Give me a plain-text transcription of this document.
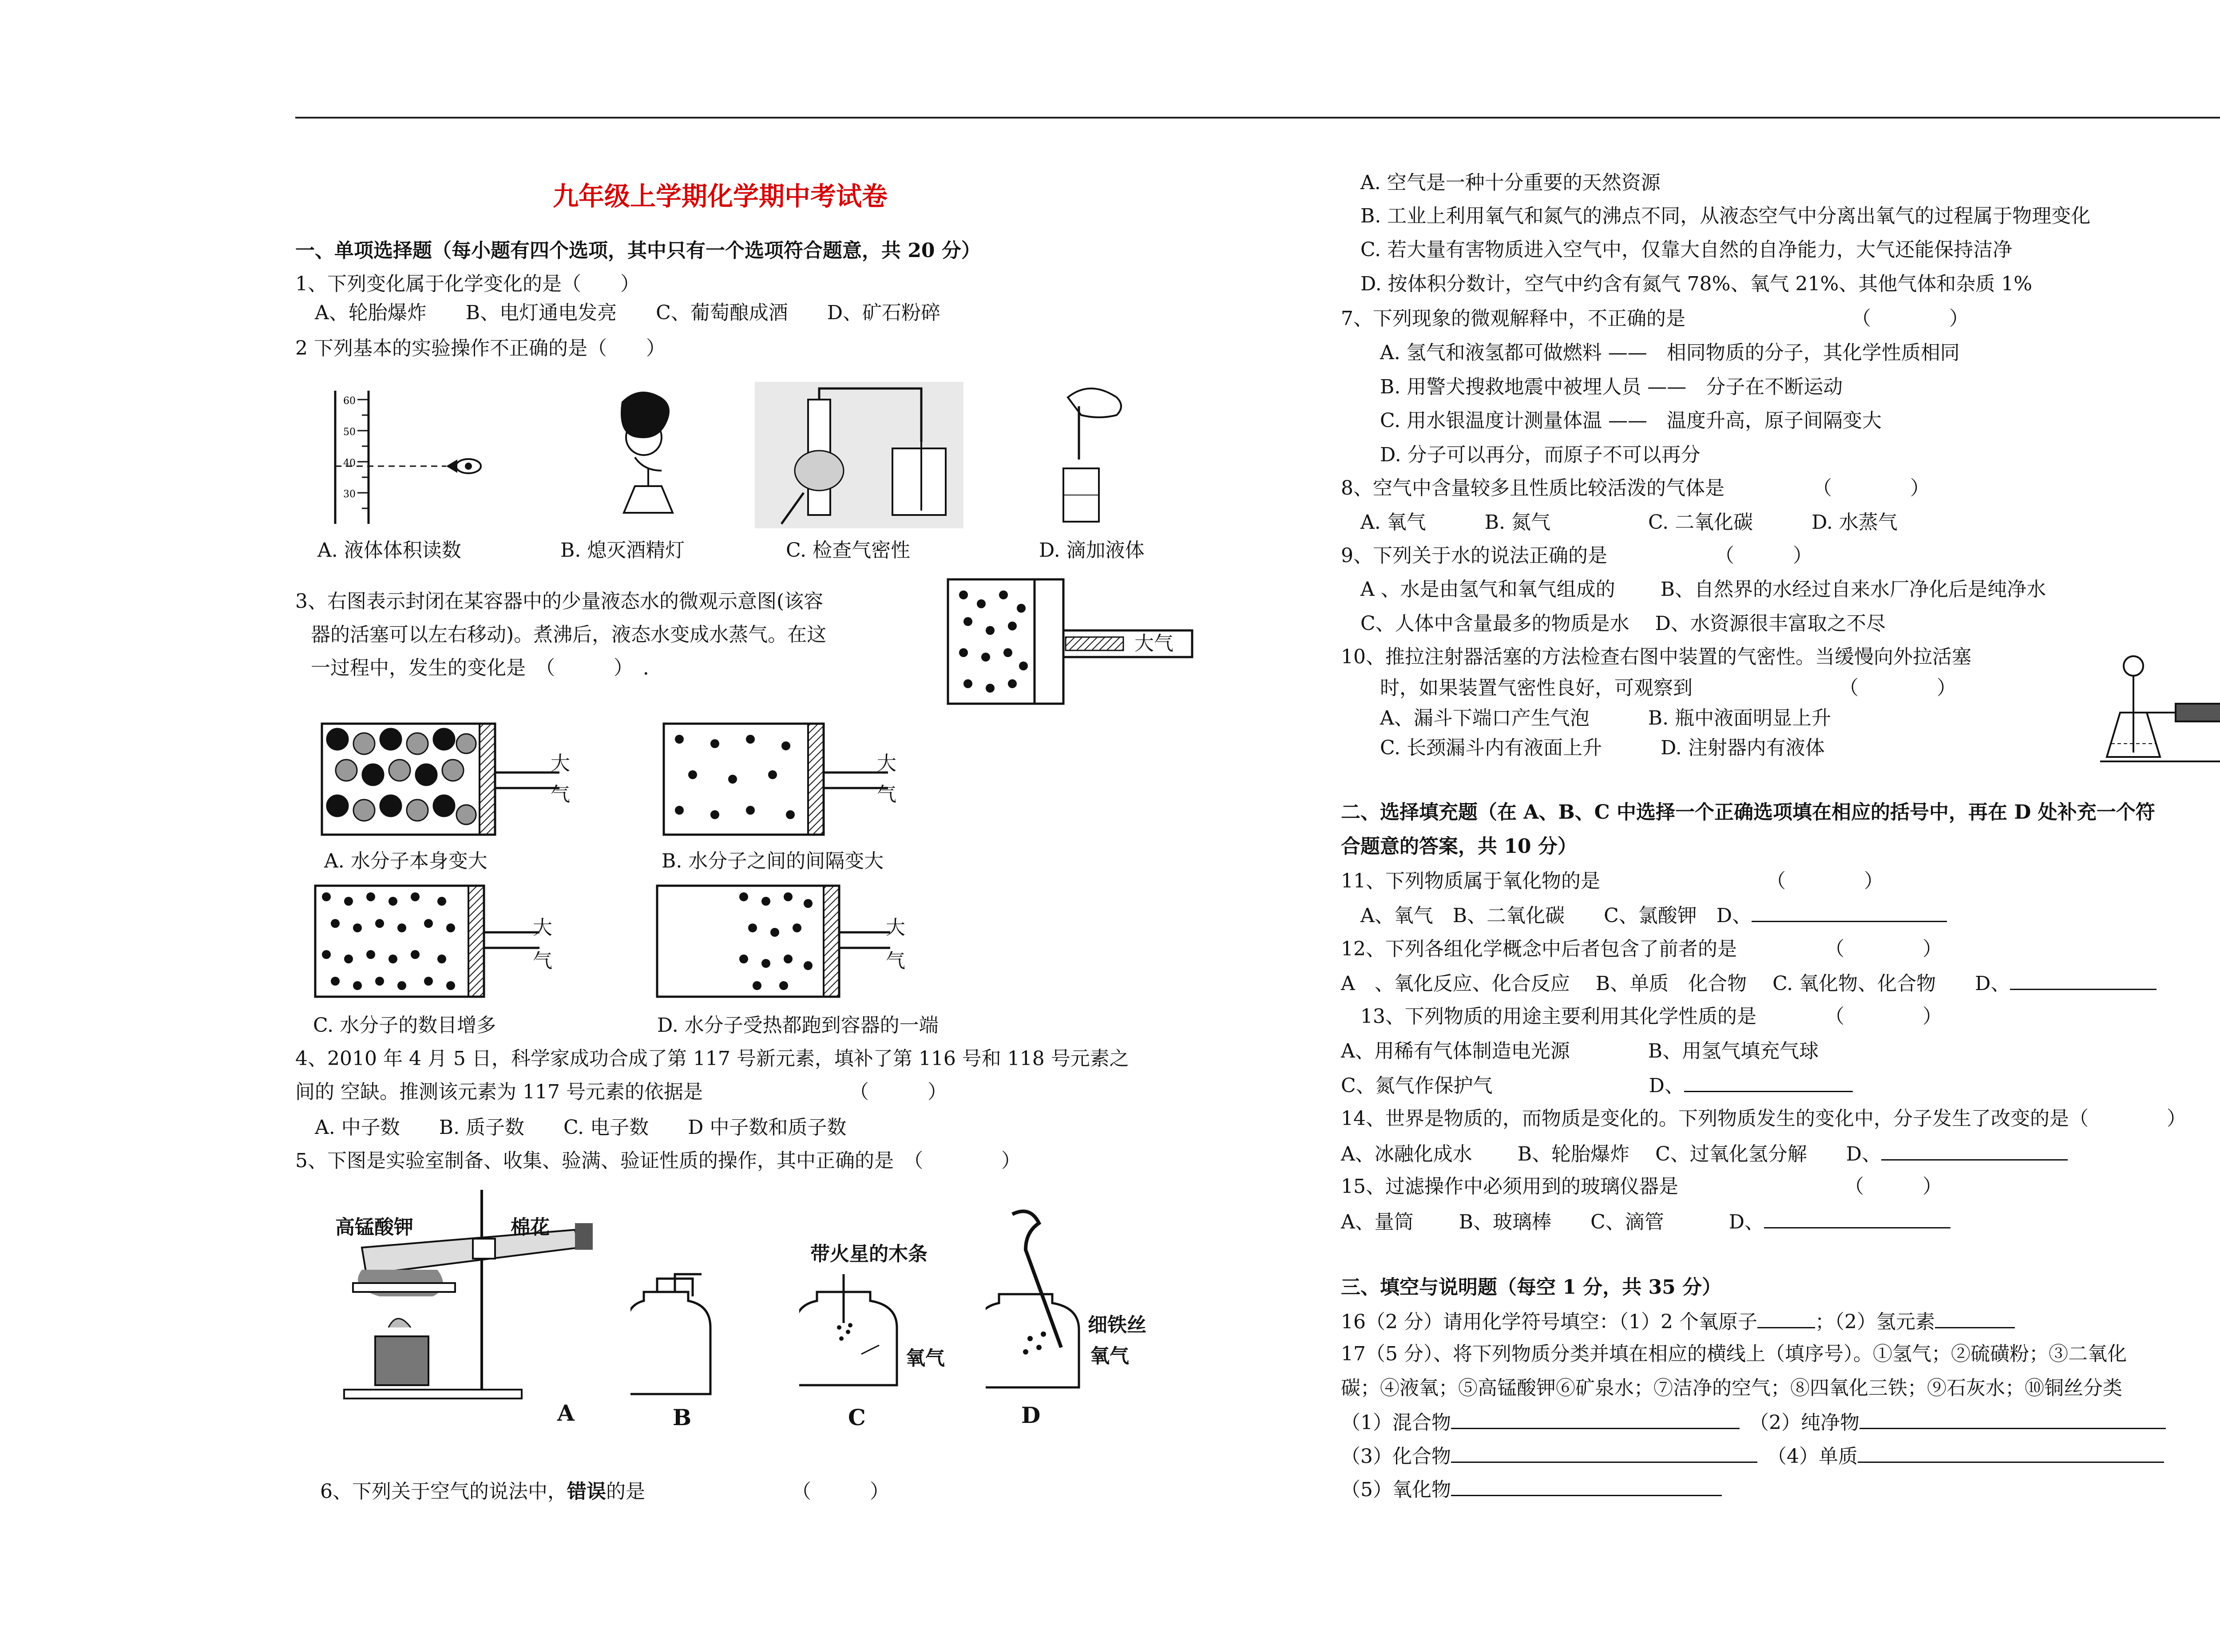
九年级上学期化学期中考试卷
一、单项选择题（每小题有四个选项，其中只有一个选项符合题意，共 20 分）
1、下列变化属于化学变化的是（　　）
　A、轮胎爆炸　　B、电灯通电发亮　　C、葡萄酿成酒　　D、矿石粉碎
2 下列基本的实验操作不正确的是（　　）
60
50
40
30
A. 液体体积读数	B. 熄灭酒精灯	C. 检查气密性	D. 滴加液体
3、右图表示封闭在某容器中的少量液态水的微观示意图(该容
器的活塞可以左右移动)。煮沸后，液态水变成水蒸气。在这
一过程中，发生的变化是　（　　　）　．
大气
大
气
大
气
A. 水分子本身变大	B. 水分子之间的间隔变大
大
气
大
气
C. 水分子的数目增多	D. 水分子受热都跑到容器的一端
4、2010 年 4 月 5 日，科学家成功合成了第 117 号新元素，填补了第 116 号和 118 号元素之
间的 空缺。推测该元素为 117 号元素的依据是　　　　　　　　（　　　）
　A. 中子数　　B. 质子数　　C. 电子数　　D 中子数和质子数
5、下图是实验室制备、收集、验满、验证性质的操作，其中正确的是　（　　　　）
A
高锰酸钾	棉花
B	C
带火星的木条
氧气
D
细铁丝
氧气

6、下列关于空气的说法中，错误的是　　　　　　　　（　　　）

　A. 空气是一种十分重要的天然资源
　B. 工业上利用氧气和氮气的沸点不同，从液态空气中分离出氧气的过程属于物理变化
　C. 若大量有害物质进入空气中，仅靠大自然的自净能力，大气还能保持洁净
　D. 按体积分数计，空气中约含有氮气 78%、氧气 21%、其他气体和杂质 1%
7、下列现象的微观解释中，不正确的是　　　　　　　　　（　　　　）
　　A. 氢气和液氢都可做燃料 ——　相同物质的分子，其化学性质相同
　　B. 用警犬搜救地震中被埋人员 ——　分子在不断运动
　　C. 用水银温度计测量体温 ——　温度升高，原子间隔变大
　　D. 分子可以再分，而原子不可以再分
8、空气中含量较多且性质比较活泼的气体是　　　　　（　　　　）
　A. 氧气　　　B. 氮气　　　　　C. 二氧化碳　　　D. 水蒸气
9、下列关于水的说法正确的是　　　　　　（　　　）
　A 、水是由氢气和氧气组成的　　 B、自然界的水经过自来水厂净化后是纯净水
　C、人体中含量最多的物质是水　 D、水资源很丰富取之不尽
10、推拉注射器活塞的方法检查右图中装置的气密性。当缓慢向外拉活塞
　　时，如果装置气密性良好，可观察到　　　　　　　　（　　　　）
　　A、漏斗下端口产生气泡　　　B. 瓶中液面明显上升
　　C. 长颈漏斗内有液面上升　　　D. 注射器内有液体
二、选择填充题（在 A、B、C 中选择一个正确选项填在相应的括号中，再在 D 处补充一个符
合题意的答案，共 10 分）
11、下列物质属于氧化物的是　　　　　　　　　（　　　　）
　A、氧气　B、二氧化碳　　C、氯酸钾　D、
12、下列各组化学概念中后者包含了前者的是　　　　　（　　　　）
A　、氧化反应、化合反应　 B、单质　化合物　 C. 氧化物、化合物　　D、
　13、下列物质的用途主要利用其化学性质的是　　　　（　　　　）
A、用稀有气体制造电光源　　　　B、用氢气填充气球
C、氮气作保护气　　　　　　　　D、
14、世界是物质的，而物质是变化的。下列物质发生的变化中，分子发生了改变的是（　　　　）
A、冰融化成水　　 B、轮胎爆炸　 C、过氧化氢分解　　D、
15、过滤操作中必须用到的玻璃仪器是　　　　　　　　　（　　　）
A、量筒　　 B、玻璃棒　　C、滴管　　　 D、
三、填空与说明题（每空 1 分，共 35 分）
16（2 分）请用化学符号填空：（1）2 个氧原子	；（2）氢元素
17（5 分）、将下列物质分类并填在相应的横线上（填序号）。①氢气；②硫磺粉；③二氧化
碳；④液氧；⑤高锰酸钾⑥矿泉水；⑦洁净的空气；⑧四氧化三铁；⑨石灰水；⑩铜丝分类
（1）混合物　	（2）纯净物
（3）化合物　	（4）单质
（5）氧化物
